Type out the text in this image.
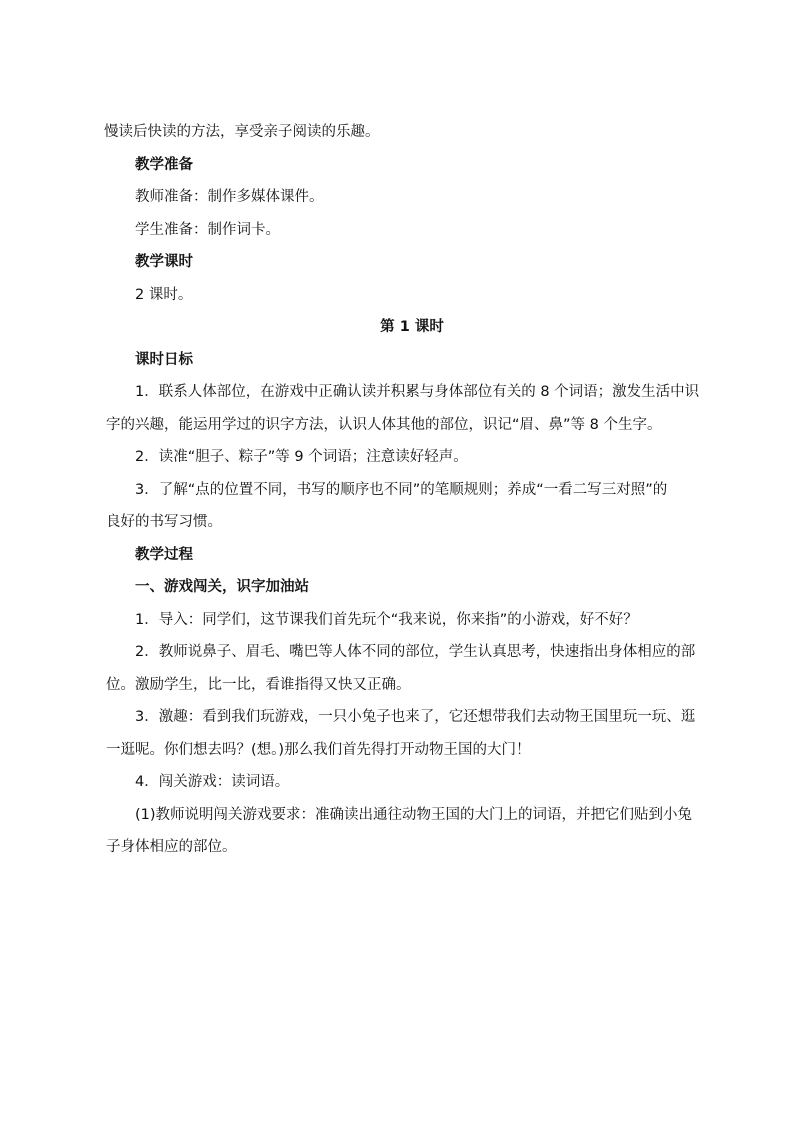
慢读后快读的方法，享受亲子阅读的乐趣。

教学准备

教师准备：制作多媒体课件。

学生准备：制作词卡。

教学课时

2 课时。

第 1 课时

课时日标

1．联系人体部位，在游戏中正确认读并积累与身体部位有关的 8 个词语；激发生活中识

字的兴趣，能运用学过的识字方法，认识人体其他的部位，识记“眉、鼻”等 8 个生字。

2．读准“胆子、粽子”等 9 个词语；注意读好轻声。

3．了解“点的位置不同，书写的顺序也不同”的笔顺规则；养成“一看二写三对照”的

良好的书写习惯。

教学过程

一、游戏闯关，识字加油站

1．导入：同学们，这节课我们首先玩个“我来说，你来指”的小游戏，好不好？

2．教师说鼻子、眉毛、嘴巴等人体不同的部位，学生认真思考，快速指出身体相应的部

位。激励学生，比一比，看谁指得又快又正确。

3．激趣：看到我们玩游戏，一只小兔子也来了，它还想带我们去动物王国里玩一玩、逛

一逛呢。你们想去吗？(想。)那么我们首先得打开动物王国的大门！

4．闯关游戏：读词语。

(1)教师说明闯关游戏要求：准确读出通往动物王国的大门上的词语，并把它们贴到小兔

子身体相应的部位。
